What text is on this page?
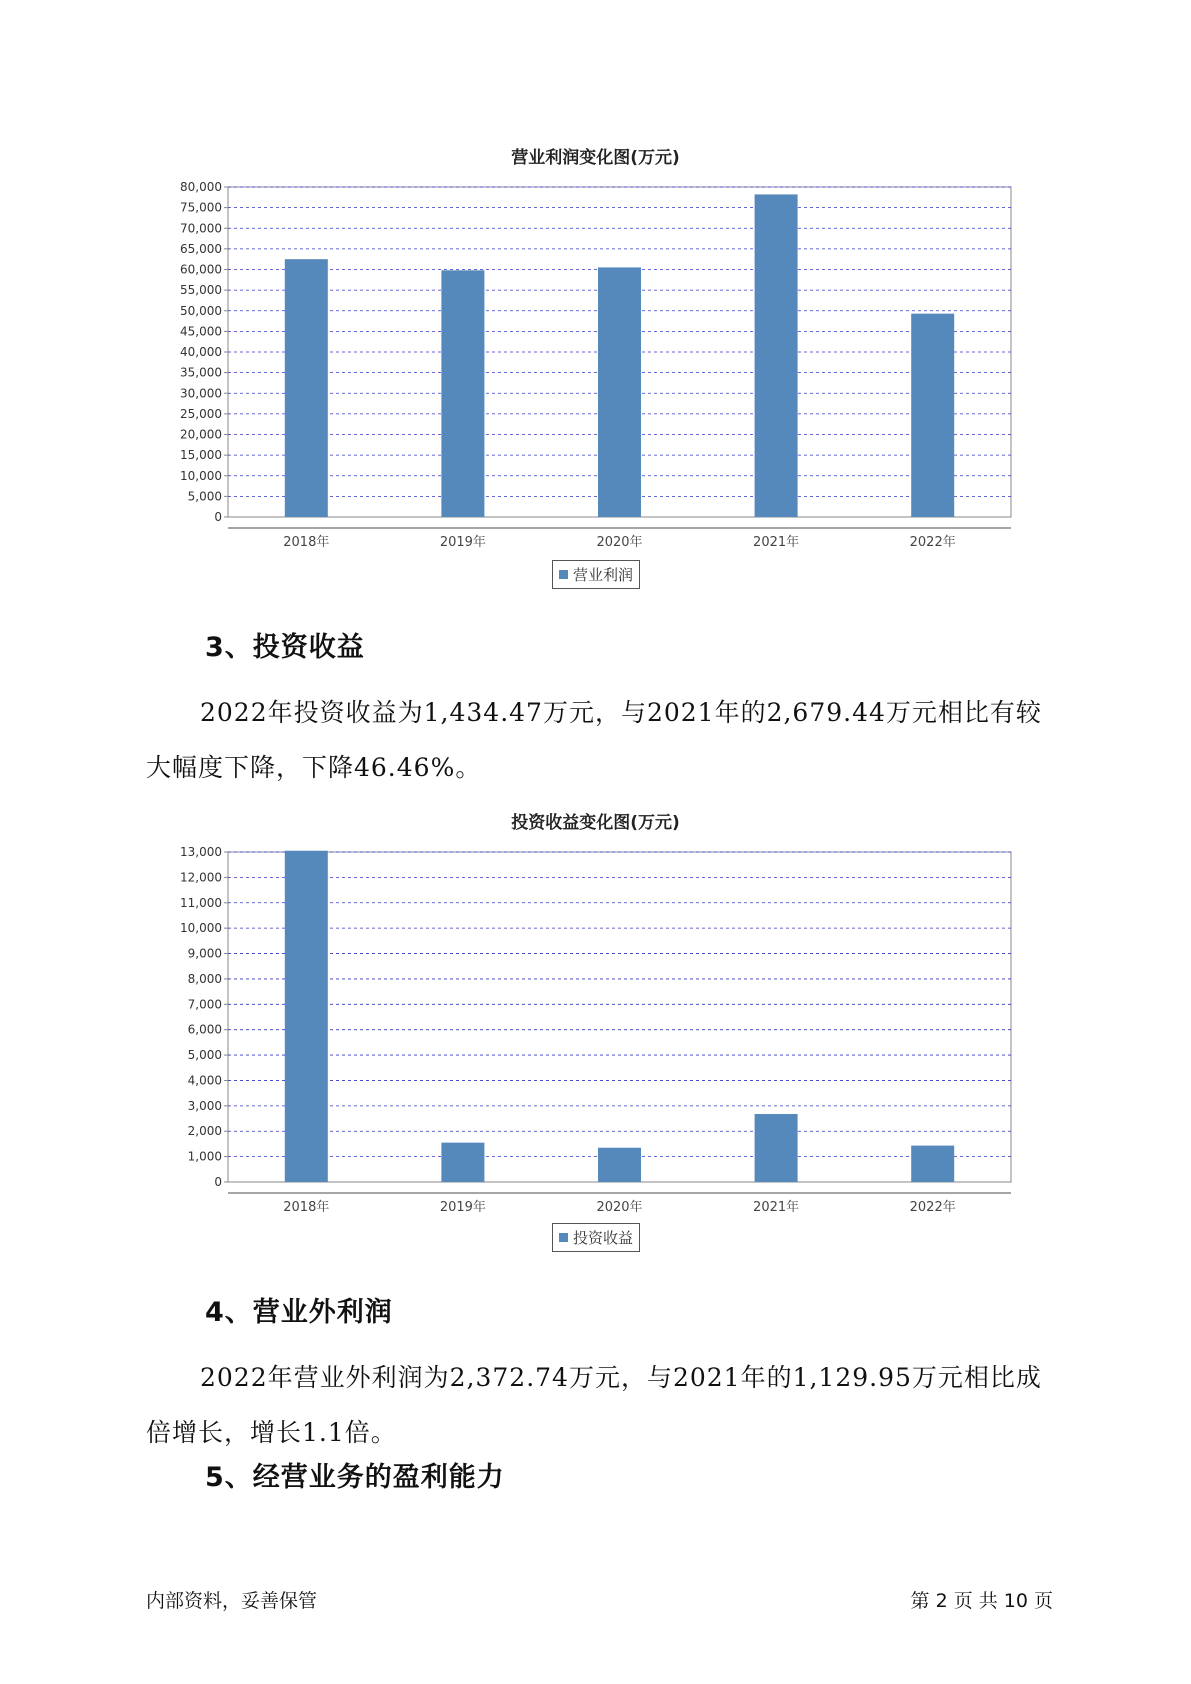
营业利润变化图(万元)
0
5,000
10,000
15,000
20,000
25,000
30,000
35,000
40,000
45,000
50,000
55,000
60,000
65,000
70,000
75,000
80,000
2018年	2019年	2020年	2021年	2022年
营业利润
3、投资收益

2022年投资收益为1,434.47万元，与2021年的2,679.44万元相比有较大幅度下降，下降46.46%。

投资收益变化图(万元)
0
1,000
2,000
3,000
4,000
5,000
6,000
7,000
8,000
9,000
10,000
11,000
12,000
13,000
2018年	2019年	2020年	2021年	2022年
投资收益
4、营业外利润

2022年营业外利润为2,372.74万元，与2021年的1,129.95万元相比成倍增长，增长1.1倍。

5、经营业务的盈利能力
内部资料，妥善保管	第 2 页 共 10 页
